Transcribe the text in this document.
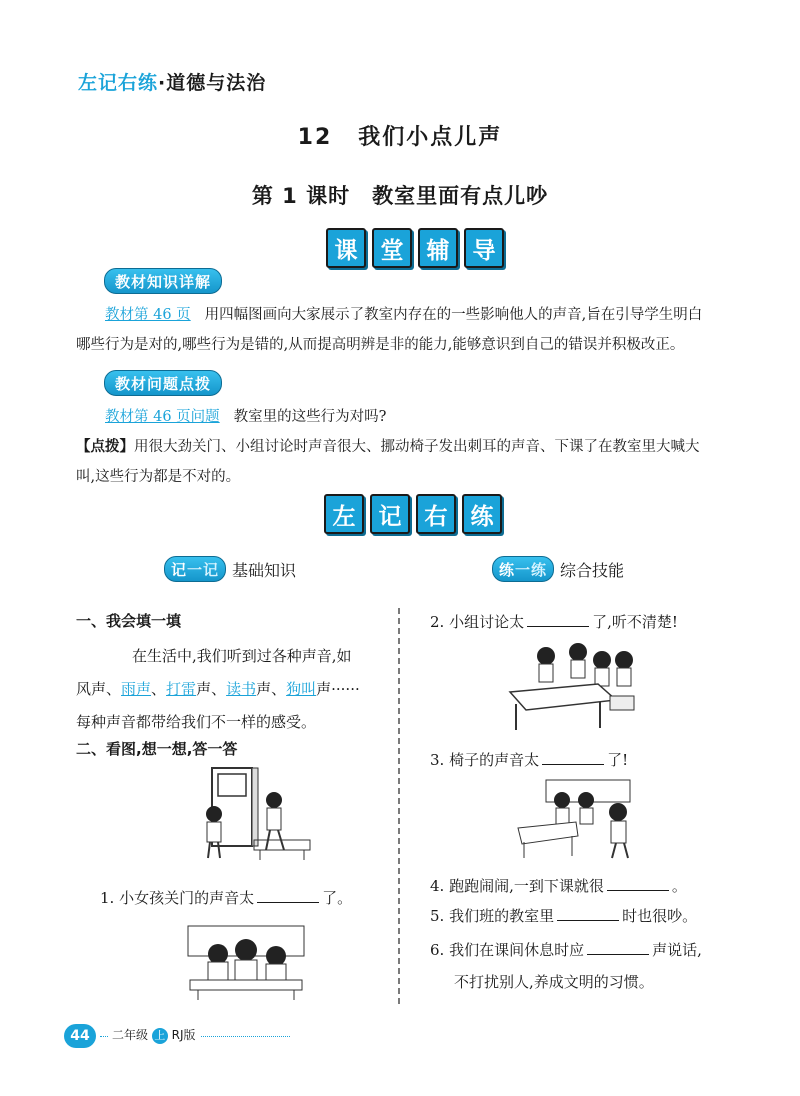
左记右练·道德与法治
12 我们小点儿声
第 1 课时 教室里面有点儿吵
课	堂	辅	导
教材知识详解
教材第 46 页 用四幅图画向大家展示了教室内存在的一些影响他人的声音,旨在引导学生明白
哪些行为是对的,哪些行为是错的,从而提高明辨是非的能力,能够意识到自己的错误并积极改正。
教材问题点拨
教材第 46 页问题 教室里的这些行为对吗?
【点拨】用很大劲关门、小组讨论时声音很大、挪动椅子发出刺耳的声音、下课了在教室里大喊大
叫,这些行为都是不对的。
左	记	右	练
记 一记 基础知识	练 一练 综合技能
一、我会填一填
在生活中,我们听到过各种声音,如
风声、雨声、打雷声、读书声、狗叫声······
每种声音都带给我们不一样的感受。
二、看图,想一想,答一答
1. 小女孩关门的声音太	了。
2. 小组讨论太	了,听不清楚!
3. 椅子的声音太	了!
4. 跑跑闹闹,一到下课就很	。
5. 我们班的教室里	时也很吵。
6. 我们在课间休息时应	声说话,
不打扰别人,养成文明的习惯。
44	二年级 上 RJ版
